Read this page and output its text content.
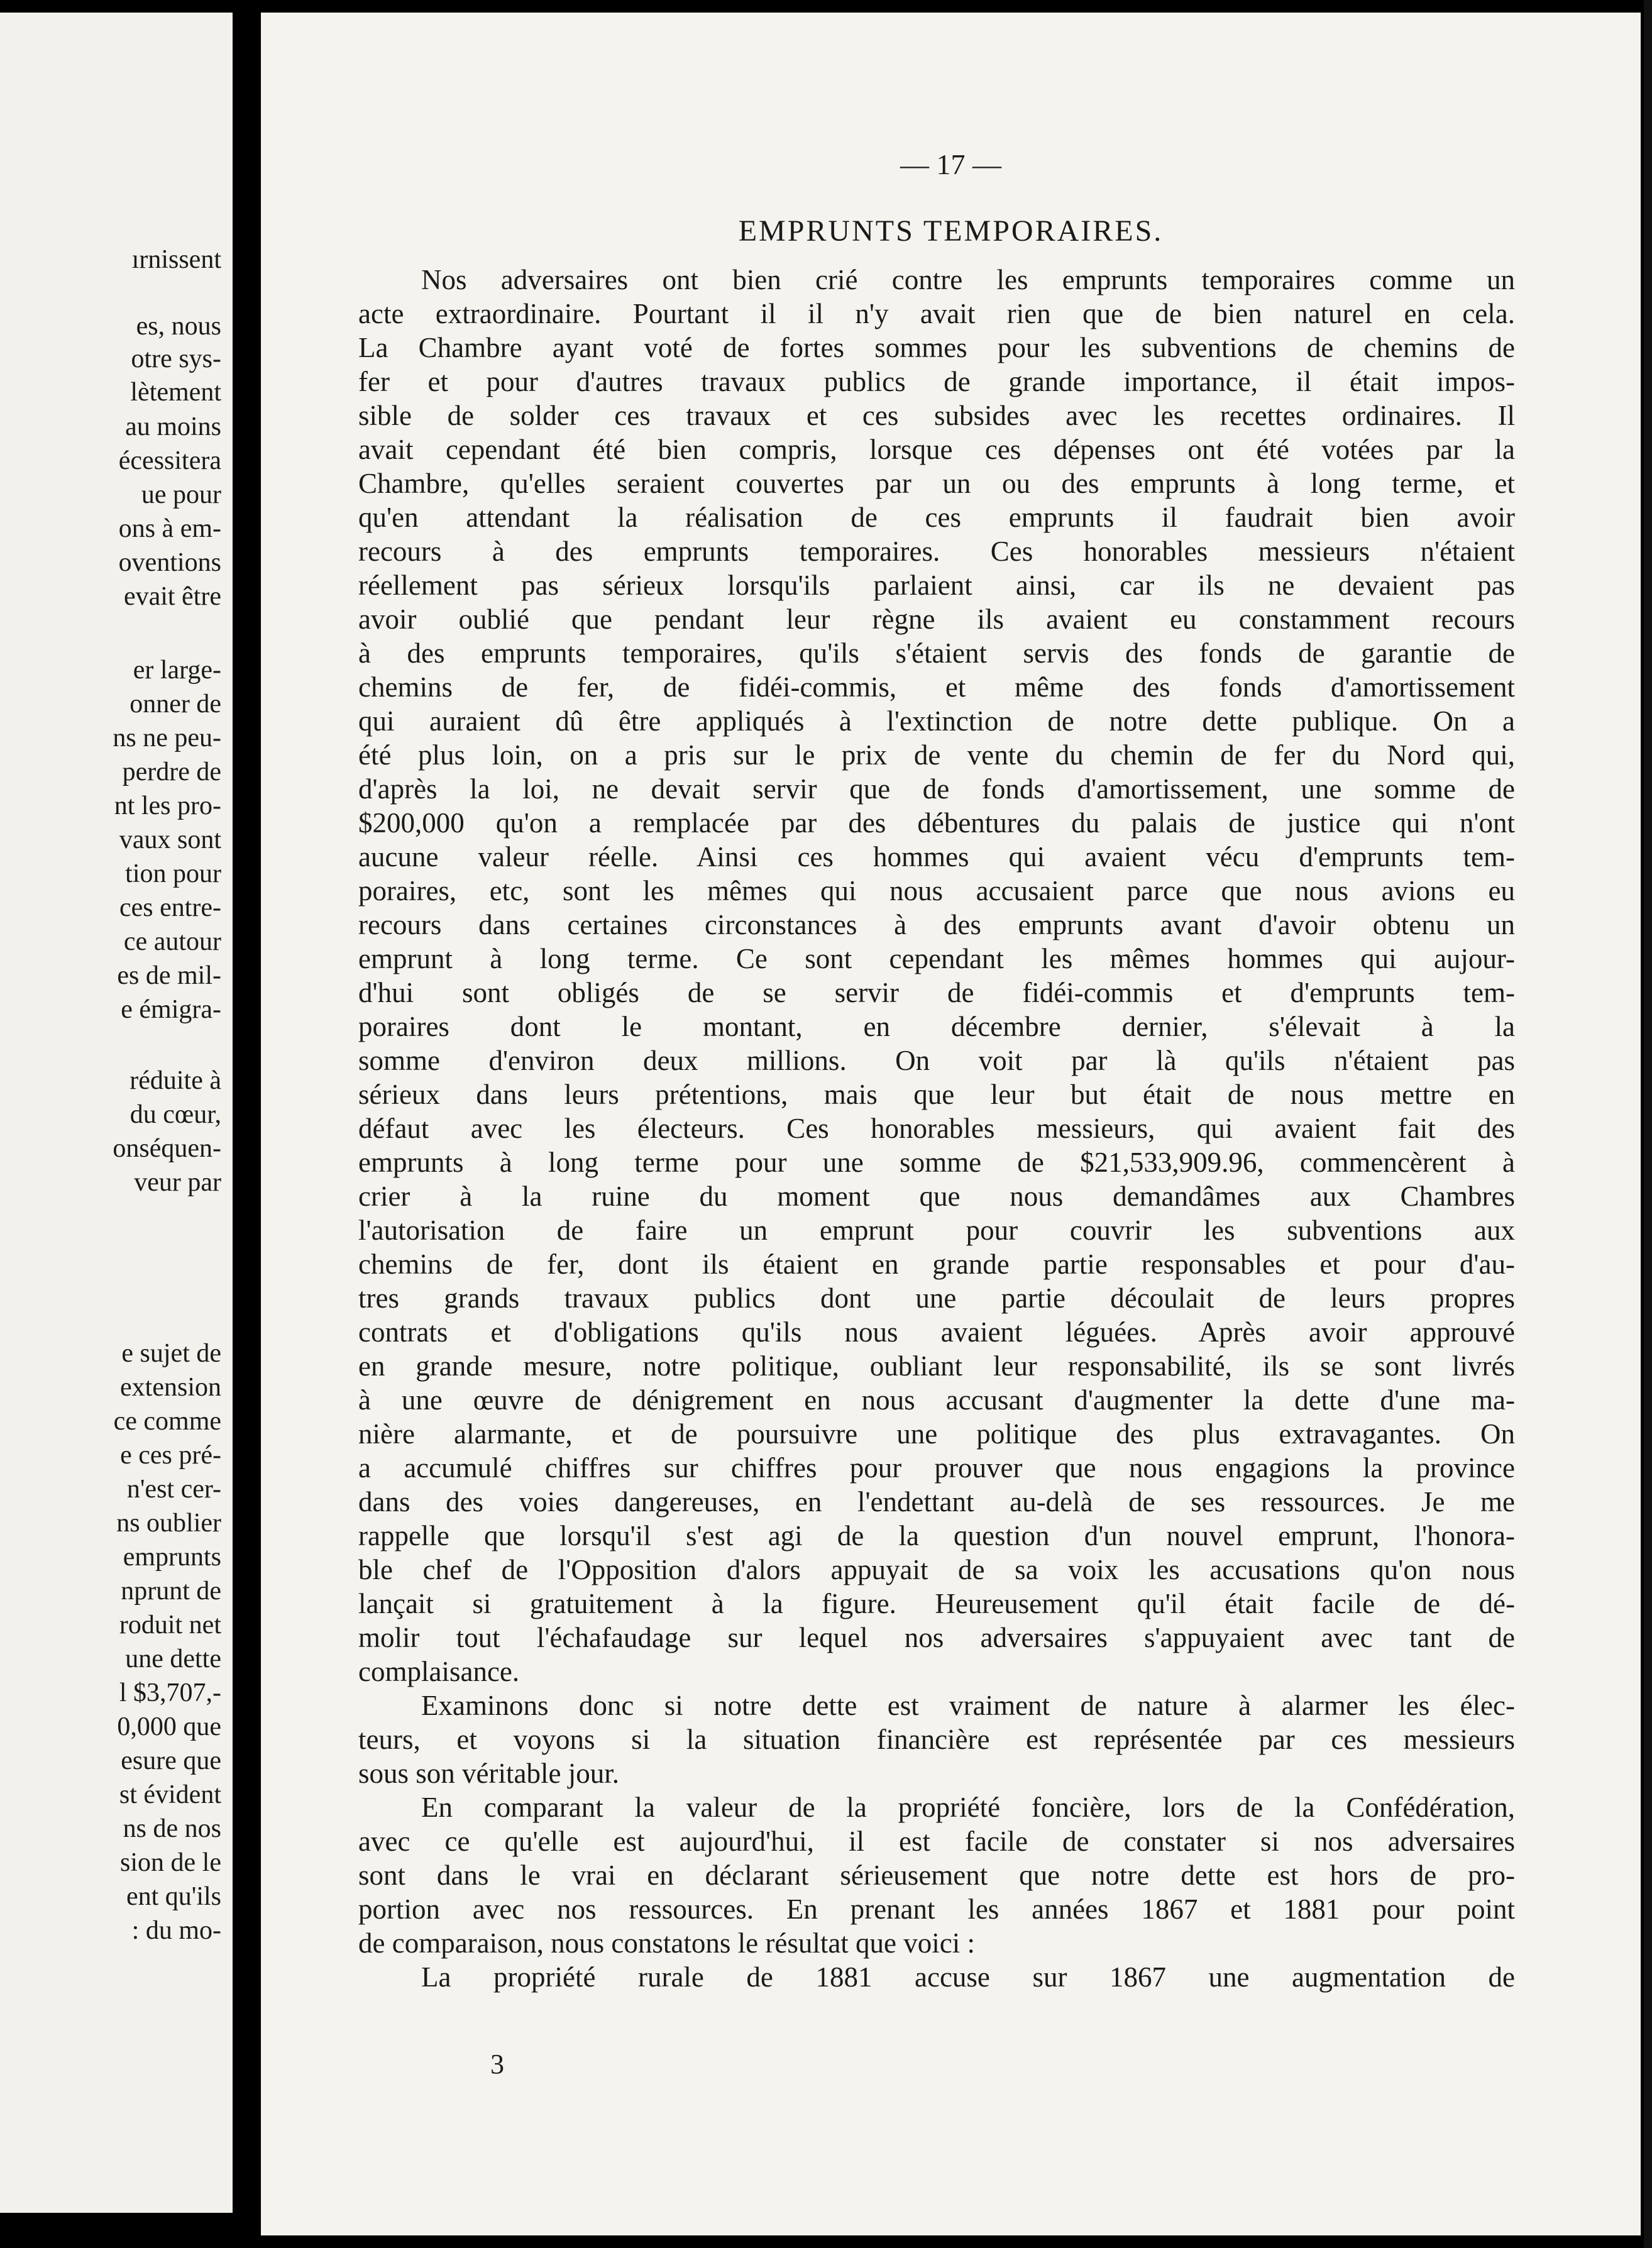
ırnissent
es, nous
otre sys-
lètement
au moins
écessitera
ue pour
ons à em-
oventions
evait être
er large-
onner de
ns ne peu-
perdre de
nt les pro-
vaux sont
tion pour
ces entre-
ce autour
es de mil-
e émigra-
réduite à
du cœur,
onséquen-
veur par
e sujet de
extension
ce comme
e ces pré-
n'est cer-
ns oublier
emprunts
nprunt de
roduit net
une dette
l $3,707,-
0,000 que
esure que
st évident
ns de nos
sion de le
ent qu'ils
: du mo-
— 17 —
EMPRUNTS TEMPORAIRES.
Nos adversaires ont bien crié contre les emprunts temporaires comme un
acte extraordinaire. Pourtant il il n'y avait rien que de bien naturel en cela.
La Chambre ayant voté de fortes sommes pour les subventions de chemins de
fer et pour d'autres travaux publics de grande importance, il était impos-
sible de solder ces travaux et ces subsides avec les recettes ordinaires. Il
avait cependant été bien compris, lorsque ces dépenses ont été votées par la
Chambre, qu'elles seraient couvertes par un ou des emprunts à long terme, et
qu'en attendant la réalisation de ces emprunts il faudrait bien avoir
recours à des emprunts temporaires. Ces honorables messieurs n'étaient
réellement pas sérieux lorsqu'ils parlaient ainsi, car ils ne devaient pas
avoir oublié que pendant leur règne ils avaient eu constamment recours
à des emprunts temporaires, qu'ils s'étaient servis des fonds de garantie de
chemins de fer, de fidéi-commis, et même des fonds d'amortissement
qui auraient dû être appliqués à l'extinction de notre dette publique. On a
été plus loin, on a pris sur le prix de vente du chemin de fer du Nord qui,
d'après la loi, ne devait servir que de fonds d'amortissement, une somme de
$200,000 qu'on a remplacée par des débentures du palais de justice qui n'ont
aucune valeur réelle. Ainsi ces hommes qui avaient vécu d'emprunts tem-
poraires, etc, sont les mêmes qui nous accusaient parce que nous avions eu
recours dans certaines circonstances à des emprunts avant d'avoir obtenu un
emprunt à long terme. Ce sont cependant les mêmes hommes qui aujour-
d'hui sont obligés de se servir de fidéi-commis et d'emprunts tem-
poraires dont le montant, en décembre dernier, s'élevait à la
somme d'environ deux millions. On voit par là qu'ils n'étaient pas
sérieux dans leurs prétentions, mais que leur but était de nous mettre en
défaut avec les électeurs. Ces honorables messieurs, qui avaient fait des
emprunts à long terme pour une somme de $21,533,909.96, commencèrent à
crier à la ruine du moment que nous demandâmes aux Chambres
l'autorisation de faire un emprunt pour couvrir les subventions aux
chemins de fer, dont ils étaient en grande partie responsables et pour d'au-
tres grands travaux publics dont une partie découlait de leurs propres
contrats et d'obligations qu'ils nous avaient léguées. Après avoir approuvé
en grande mesure, notre politique, oubliant leur responsabilité, ils se sont livrés
à une œuvre de dénigrement en nous accusant d'augmenter la dette d'une ma-
nière alarmante, et de poursuivre une politique des plus extravagantes. On
a accumulé chiffres sur chiffres pour prouver que nous engagions la province
dans des voies dangereuses, en l'endettant au-delà de ses ressources. Je me
rappelle que lorsqu'il s'est agi de la question d'un nouvel emprunt, l'honora-
ble chef de l'Opposition d'alors appuyait de sa voix les accusations qu'on nous
lançait si gratuitement à la figure. Heureusement qu'il était facile de dé-
molir tout l'échafaudage sur lequel nos adversaires s'appuyaient avec tant de
complaisance.
Examinons donc si notre dette est vraiment de nature à alarmer les élec-
teurs, et voyons si la situation financière est représentée par ces messieurs
sous son véritable jour.
En comparant la valeur de la propriété foncière, lors de la Confédération,
avec ce qu'elle est aujourd'hui, il est facile de constater si nos adversaires
sont dans le vrai en déclarant sérieusement que notre dette est hors de pro-
portion avec nos ressources. En prenant les années 1867 et 1881 pour point
de comparaison, nous constatons le résultat que voici :
La propriété rurale de 1881 accuse sur 1867 une augmentation de
3
